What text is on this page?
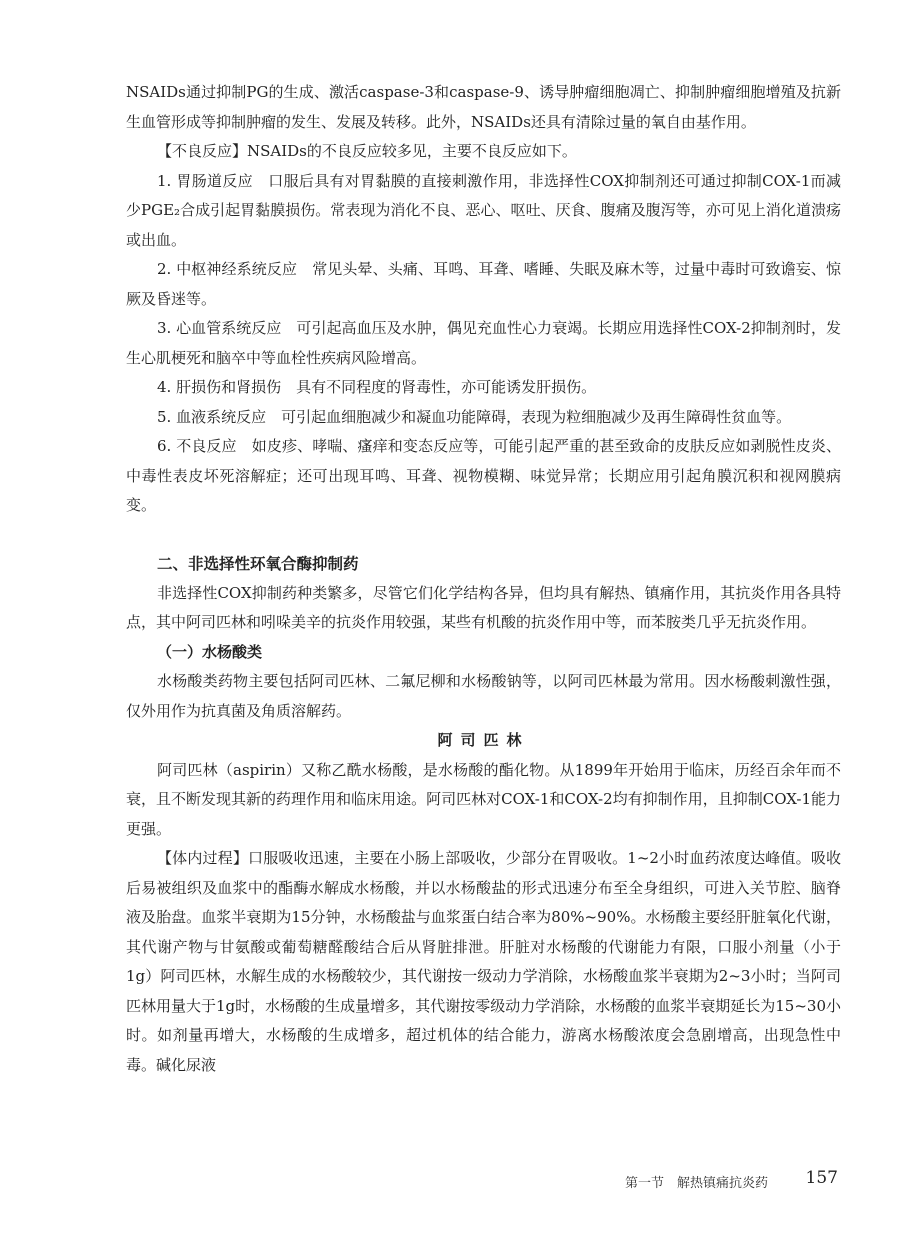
NSAIDs通过抑制PG的生成、激活caspase-3和caspase-9、诱导肿瘤细胞凋亡、抑制肿瘤细胞增殖及抗新生血管形成等抑制肿瘤的发生、发展及转移。此外，NSAIDs还具有清除过量的氧自由基作用。

【不良反应】NSAIDs的不良反应较多见，主要不良反应如下。

1. 胃肠道反应　口服后具有对胃黏膜的直接刺激作用，非选择性COX抑制剂还可通过抑制COX-1而减少PGE₂合成引起胃黏膜损伤。常表现为消化不良、恶心、呕吐、厌食、腹痛及腹泻等，亦可见上消化道溃疡或出血。

2. 中枢神经系统反应　常见头晕、头痛、耳鸣、耳聋、嗜睡、失眠及麻木等，过量中毒时可致谵妄、惊厥及昏迷等。

3. 心血管系统反应　可引起高血压及水肿，偶见充血性心力衰竭。长期应用选择性COX-2抑制剂时，发生心肌梗死和脑卒中等血栓性疾病风险增高。

4. 肝损伤和肾损伤　具有不同程度的肾毒性，亦可能诱发肝损伤。

5. 血液系统反应　可引起血细胞减少和凝血功能障碍，表现为粒细胞减少及再生障碍性贫血等。

6. 不良反应　如皮疹、哮喘、瘙痒和变态反应等，可能引起严重的甚至致命的皮肤反应如剥脱性皮炎、中毒性表皮坏死溶解症；还可出现耳鸣、耳聋、视物模糊、味觉异常；长期应用引起角膜沉积和视网膜病变。

二、非选择性环氧合酶抑制药

非选择性COX抑制药种类繁多，尽管它们化学结构各异，但均具有解热、镇痛作用，其抗炎作用各具特点，其中阿司匹林和吲哚美辛的抗炎作用较强，某些有机酸的抗炎作用中等，而苯胺类几乎无抗炎作用。

（一）水杨酸类

水杨酸类药物主要包括阿司匹林、二氟尼柳和水杨酸钠等，以阿司匹林最为常用。因水杨酸刺激性强，仅外用作为抗真菌及角质溶解药。

阿司匹林

阿司匹林（aspirin）又称乙酰水杨酸，是水杨酸的酯化物。从1899年开始用于临床，历经百余年而不衰，且不断发现其新的药理作用和临床用途。阿司匹林对COX-1和COX-2均有抑制作用，且抑制COX-1能力更强。

【体内过程】口服吸收迅速，主要在小肠上部吸收，少部分在胃吸收。1~2小时血药浓度达峰值。吸收后易被组织及血浆中的酯酶水解成水杨酸，并以水杨酸盐的形式迅速分布至全身组织，可进入关节腔、脑脊液及胎盘。血浆半衰期为15分钟，水杨酸盐与血浆蛋白结合率为80%~90%。水杨酸主要经肝脏氧化代谢，其代谢产物与甘氨酸或葡萄糖醛酸结合后从肾脏排泄。肝脏对水杨酸的代谢能力有限，口服小剂量（小于1g）阿司匹林，水解生成的水杨酸较少，其代谢按一级动力学消除，水杨酸血浆半衰期为2~3小时；当阿司匹林用量大于1g时，水杨酸的生成量增多，其代谢按零级动力学消除，水杨酸的血浆半衰期延长为15~30小时。如剂量再增大，水杨酸的生成增多，超过机体的结合能力，游离水杨酸浓度会急剧增高，出现急性中毒。碱化尿液

第一节　解热镇痛抗炎药 157
